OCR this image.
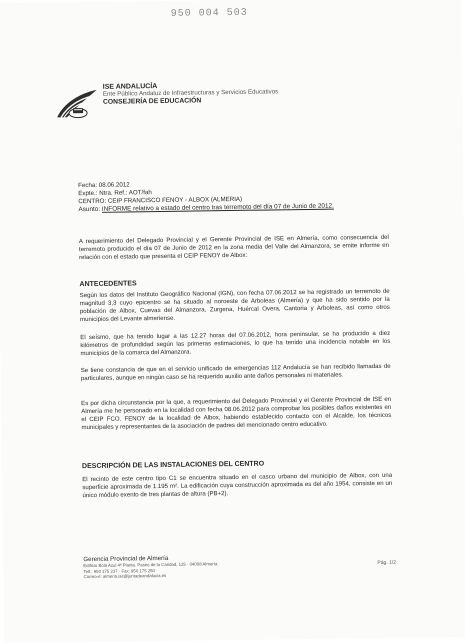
950 004 503
ISE ANDALUCÍA
Ente Público Andaluz de Infraestructuras y Servicios Educativos
CONSEJERÍA DE EDUCACIÓN
Fecha: 08.06.2012
Expte.: Ntra. Ref.: AOT/fah
CENTRO: CEIP FRANCISCO FENOY - ALBOX (ALMERIA)
Asunto: INFORME relativo a estado del centro tras terremoto del día 07 de Junio de 2012.
A requerimiento del Delegado Provincial y el Gerente Provincial de ISE en Almería, como consecuencia del terremoto producido el día 07 de Junio de 2012 en la zona media del Valle del Almanzora, se emite informe en relación con el estado que presenta el CEIP FENOY de Albox:
ANTECEDENTES
Según los datos del Instituto Geográfico Nacional (IGN), con fecha 07.06.2012 se ha registrado un terremoto de magnitud 3,3 cuyo epicentro se ha situado al noroeste de Arboleas (Almería) y que ha sido sentido por la población de Albox, Cuevas del Almanzora, Zurgena, Huércal Overa, Cantoria y Arboleas, así como otros municipios del Levante almeriense.
El seísmo, que ha tenido lugar a las 12.27 horas del 07.06.2012, hora peninsular, se ha producido a diez kilómetros de profundidad según las primeras estimaciones, lo que ha tenido una incidencia notable en los municipios de la comarca del Almanzora.
Se tiene constancia de que en el servicio unificado de emergencias 112 Andalucía se han recibido llamadas de particulares, aunque en ningún caso se ha requerido auxilio ante daños personales ni materiales.
Es por dicha circunstancia por la que, a requerimiento del Delegado Provincial y el Gerente Provincial de ISE en Almería me he personado en la localidad con fecha 08.06.2012 para comprobar los posibles daños existentes en el CEIP FCO. FENOY de la localidad de Albox, habiendo establecido contacto con el Alcalde, los técnicos municipales y representantes de la asociación de padres del mencionado centro educativo.
DESCRIPCIÓN DE LAS INSTALACIONES DEL CENTRO
El recinto de este centro tipo C1 se encuentra situado en el casco urbano del municipio de Albox, con una superficie aproximada de 1.195 m². La edificación cuya construcción aproximada es del año 1954, consiste en un único módulo exento de tres plantas de altura (PB+2).
Gerencia Provincial de Almería
Edificio Bola Azul 4ª Planta. Paseo de la Caridad, 125 · 04008 Almería
Telf.: 950 175 237 · Fax: 950 175 250
Correo-e: almeria.ise@juntadeandalucia.es
Pág. 1/2
